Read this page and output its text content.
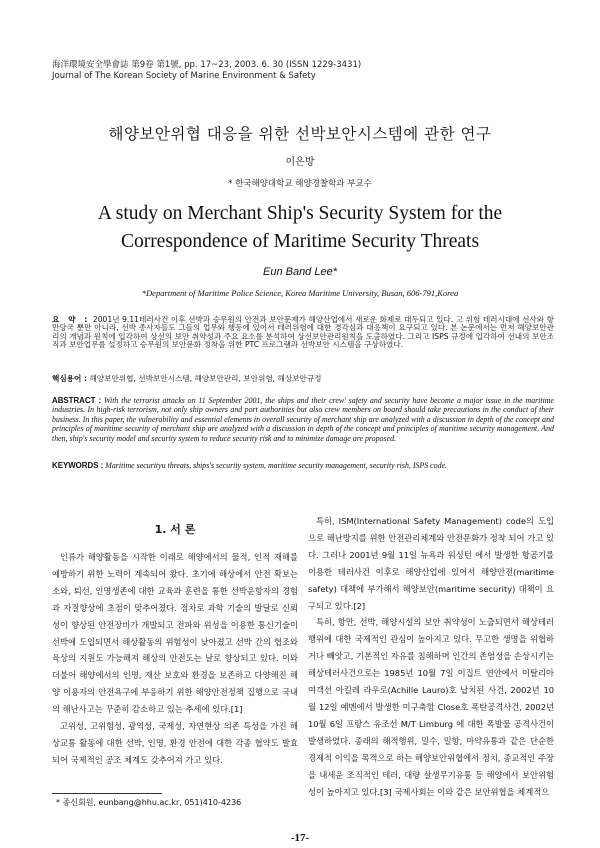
海洋環境安全學會誌 第9卷 第1號, pp. 17~23, 2003. 6. 30 (ISSN 1229-3431)
Journal of The Korean Society of Marine Environment & Safety
해양보안위협 대응을 위한 선박보안시스템에 관한 연구
이은방
* 한국해양대학교 해양경찰학과 부교수
A study on Merchant Ship's Security System for the
Correspondence of Maritime Security Threats
Eun Band Lee*
*Department of Maritime Police Science, Korea Maritime University, Busan, 606-791,Korea
요 약 : 2001년 9.11테러사건 이후 선박과 승무원의 안전과 보안문제가 해양산업에서 새로운 화제로 대두되고 있다. 고 위험 테러시대에 선사와 항만당국 뿐만 아니라, 선박 종사자들도 그들의 업무와 행동에 있어서 테러위험에 대한 경각심과 대응책이 요구되고 있다. 본 논문에서는 먼저 해양보안관리의 개념과 원칙에 입각하여 상선의 보안 취약성과 주요 요소를 분석하여 상선보안관리원칙을 도출하였다. 그리고 ISPS 규정에 입각하여 선내의 보안조직과 보안업무를 설정하고 승무원의 보안문화 정착을 위한 PTC 프로그램과 선박보안 시스템을 구상하였다.
핵심용어 : 해양보안위협, 선박보안시스템, 해양보안관리, 보안위험, 해상보안규정
ABSTRACT : With the terrorist attacks on 11 September 2001, the ships and their crew' safety and security have become a major issue in the maritime industries. In high-risk terrorism, not only ship owners and port authorities but also crew members on board should take precautions in the conduct of their business. In this paper, the vulnerability and essential elements in overall security of merchant ship are analyzed with a discussion in depth of the concept and principles of maritime security of merchant ship are analyzed with a discussion in depth of the concept and principles of maritime security management. And then, ship's security model and security system to reduce security risk and to minimize damage are proposed.
KEYWORDS : Maritime securityu threats, ships's security system, maritime security management, security rish, ISPS code.
1. 서 론

인류가 해양활동을 시작한 이래로 해양에서의 물적, 인적 재해를 예방하기 위한 노력이 계속되어 왔다. 초기에 해상에서 안전 확보는 소와, 퇴선, 인명생존에 대한 교육과 훈련을 통한 선박운항자의 경험과 자질향상에 초점이 맞추어졌다. 점차로 과학 기술의 발달로 신뢰성이 향상된 안전장비가 개발되고 전파와 위성을 이용한 통신기술이 선박에 도입되면서 해상활동의 위험성이 낮아졌고 선박 간의 협조와 육상의 지원도 가능해져 해상의 안전도는 날로 향상되고 있다. 이와 더불어 해양에서의 인명, 재산 보호와 환경을 보존하고 다양해진 해양 이용자의 안전욕구에 부응하기 위한 해양안전정책 집행으로 국내의 해난사고는 꾸준히 감소하고 있는 추세에 있다.[1]

고위성, 고위험성, 광역성, 국제성, 자연현상 의존 특성을 가진 해상교통 활동에 대한 선박, 인명, 환경 안전에 대한 각종 협약도 발효되어 국제적인 공조 체계도 갖추어져 가고 있다.

특히, ISM(International Safety Management) code의 도입으로 해난방지를 위한 안전관리체계와 안전문화가 정착 되어 가고 있다. 그러나 2001년 9월 11일 뉴욕과 워싱턴 에서 발생한 항공기를 이용한 테러사건 이후로 해양산업에 있어서 해양안전(maritime safety) 대책에 부가해서 해양보안(maritime security) 대책이 요구되고 있다.[2]

특히, 항만, 선박, 해양시설의 보안 취약성이 노출되면서 해상테러행위에 대한 국제적인 관심이 높아지고 있다. 무고한 생명을 위협하거나 빼앗고, 기본적인 자유를 침해하며 인간의 존엄성을 손상시키는 해상테러사건으로는 1985년 10월 7일 이집트 연안에서 이탈리아 여객선 아킬레 라우로(Achille Lauro)호 납치된 사건, 2002년 10월 12일 예멘에서 발생한 미구축함 Close호 폭탄공격사건, 2002년 10월 6일 프랑스 유조선 M/T Limburg 에 대한 폭발물 공격사건이 발생하였다. 종래의 해적행위, 밀수, 밀항, 마약유통과 같은 단순한 경제적 이익을 목적으로 하는 해양보안위협에서 정치, 종교적인 주장을 내세운 조직적인 테러, 대량 살생무기유통 등 해양에서 보안위험성이 높아지고 있다.[3] 국제사회는 이와 같은 보안위협을 체계적으

* 종신회원, eunbang@hhu.ac.kr, 051)410-4236
-17-
